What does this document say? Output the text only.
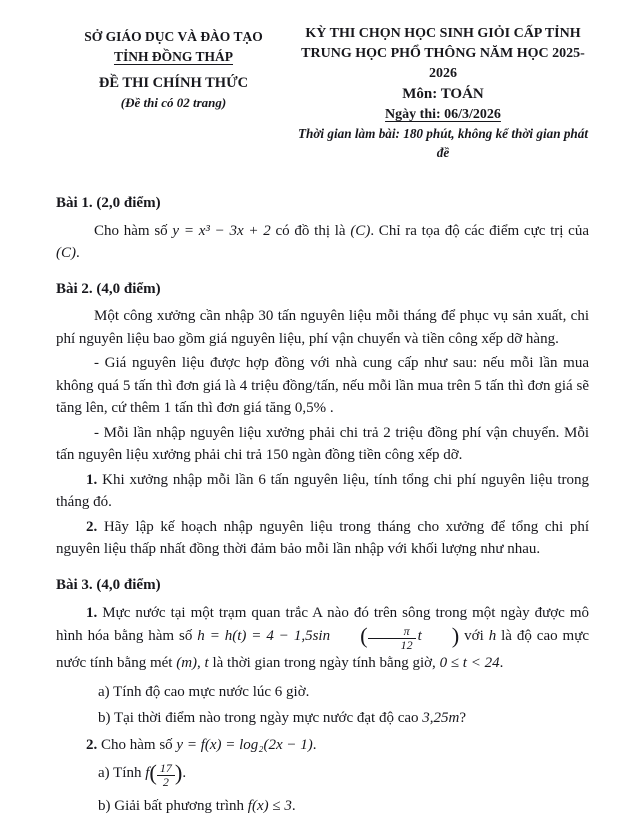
SỞ GIÁO DỤC VÀ ĐÀO TẠO
TỈNH ĐỒNG THÁP
ĐỀ THI CHÍNH THỨC
(Đề thi có 02 trang)
KỲ THI CHỌN HỌC SINH GIỎI CẤP TỈNH
TRUNG HỌC PHỔ THÔNG NĂM HỌC 2025-2026
Môn: TOÁN
Ngày thi: 06/3/2026
Thời gian làm bài: 180 phút, không kể thời gian phát đề
Bài 1. (2,0 điểm)

Cho hàm số y = x³ − 3x + 2 có đồ thị là (C). Chỉ ra tọa độ các điểm cực trị của (C).

Bài 2. (4,0 điểm)

Một công xưởng cần nhập 30 tấn nguyên liệu mỗi tháng để phục vụ sản xuất, chi phí nguyên liệu bao gồm giá nguyên liệu, phí vận chuyển và tiền công xếp dỡ hàng.

- Giá nguyên liệu được hợp đồng với nhà cung cấp như sau: nếu mỗi lần mua không quá 5 tấn thì đơn giá là 4 triệu đồng/tấn, nếu mỗi lần mua trên 5 tấn thì đơn giá sẽ tăng lên, cứ thêm 1 tấn thì đơn giá tăng 0,5% .

- Mỗi lần nhập nguyên liệu xưởng phải chi trả 2 triệu đồng phí vận chuyển. Mỗi tấn nguyên liệu xưởng phải chi trả 150 ngàn đồng tiền công xếp dỡ.

1. Khi xưởng nhập mỗi lần 6 tấn nguyên liệu, tính tổng chi phí nguyên liệu trong tháng đó.

2. Hãy lập kế hoạch nhập nguyên liệu trong tháng cho xưởng để tổng chi phí nguyên liệu thấp nhất đồng thời đảm bảo mỗi lần nhập với khối lượng như nhau.

Bài 3. (4,0 điểm)

1. Mực nước tại một trạm quan trắc A nào đó trên sông trong một ngày được mô hình hóa bằng hàm số h = h(t) = 4 − 1,5sin ( $\frac{\pi}{12}$ t ) với h là độ cao mực nước tính bằng mét (m), t là thời gian trong ngày tính bằng giờ, 0 ≤ t < 24.

a) Tính độ cao mực nước lúc 6 giờ.

b) Tại thời điểm nào trong ngày mực nước đạt độ cao 3,25m?

2. Cho hàm số y = f(x) = log₂(2x − 1).

a) Tính $f( \frac{17}{2}$ ).

b) Giải bất phương trình f(x) ≤ 3.
